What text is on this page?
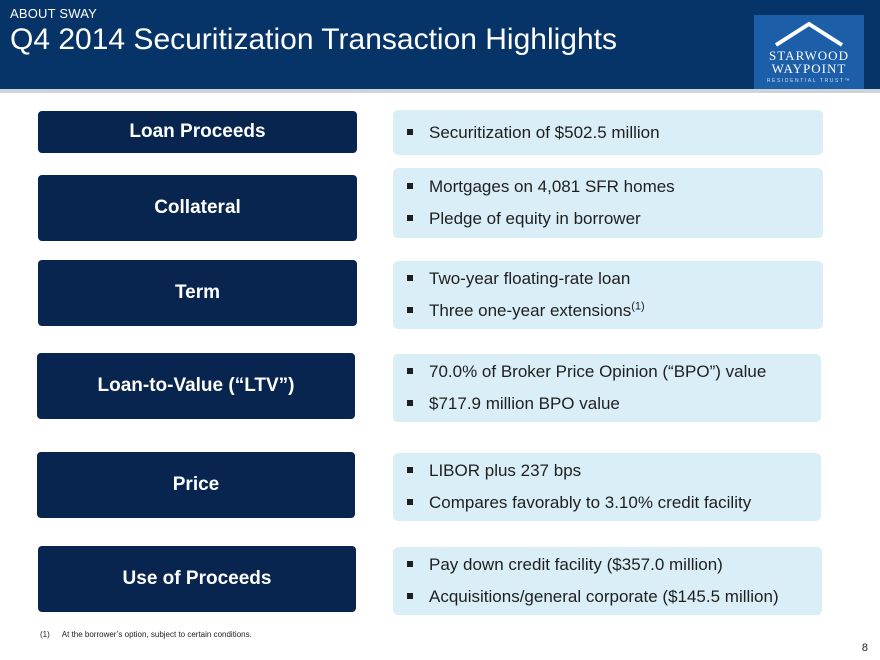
ABOUT SWAY
Q4 2014 Securitization Transaction Highlights	STARWOOD
WAYPOINT
RESIDENTIAL TRUST™
Loan Proceeds	Securitization of $502.5 million
Collateral
Mortgages on 4,081 SFR homes
Pledge of equity in borrower
Term
Two-year floating-rate loan
Three one-year extensions$^{(1)}$
Loan-to-Value (“LTV”)
70.0% of Broker Price Opinion (“BPO”) value
$717.9 million BPO value
Price
LIBOR plus 237 bps
Compares favorably to 3.10% credit facility
Use of Proceeds
Pay down credit facility ($357.0 million)
Acquisitions/general corporate ($145.5 million)
(1) At the borrower’s option, subject to certain conditions.
8
